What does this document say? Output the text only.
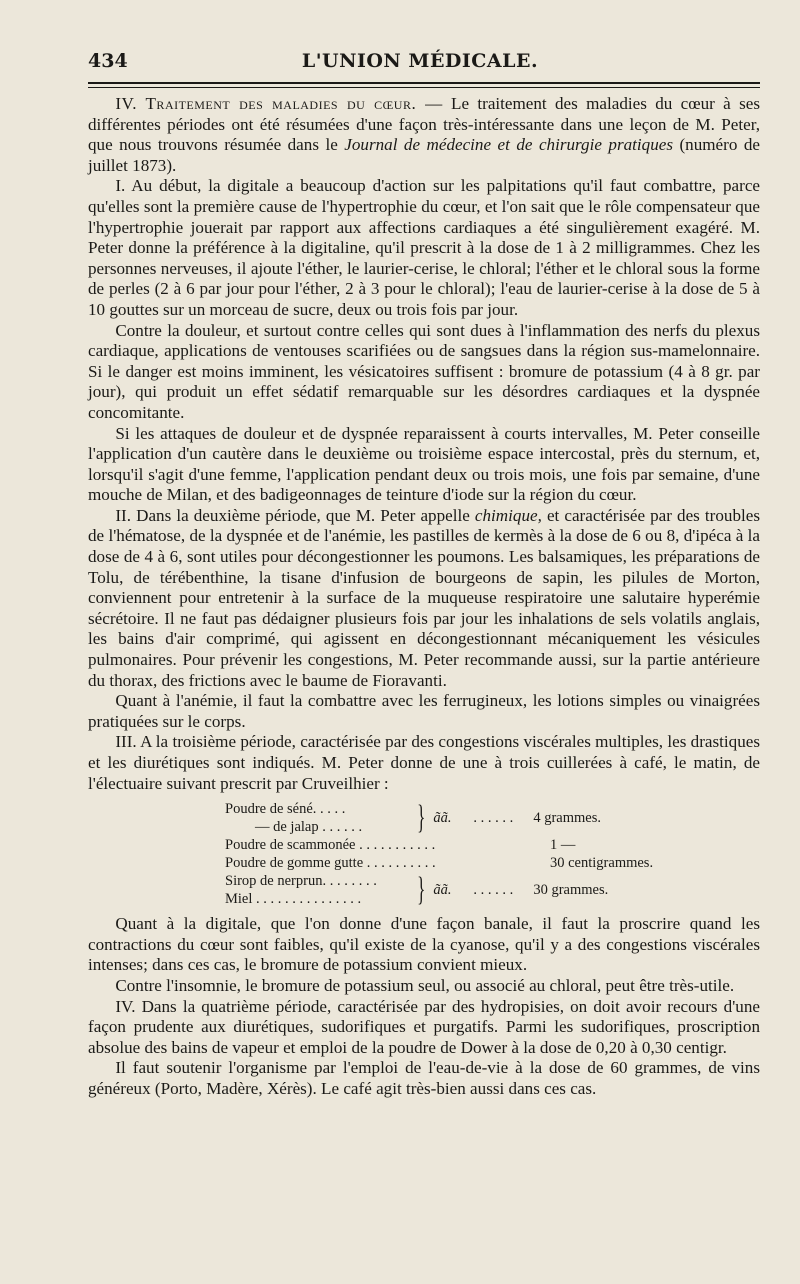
434	L'UNION MÉDICALE.

IV. Traitement des maladies du cœur. — Le traitement des maladies du cœur à ses différentes périodes ont été résumées d'une façon très-intéressante dans une leçon de M. Peter, que nous trouvons résumée dans le Journal de médecine et de chirurgie pratiques (numéro de juillet 1873).

I. Au début, la digitale a beaucoup d'action sur les palpitations qu'il faut combattre, parce qu'elles sont la première cause de l'hypertrophie du cœur, et l'on sait que le rôle compensateur que l'hypertrophie jouerait par rapport aux affections cardiaques a été singulièrement exagéré. M. Peter donne la préférence à la digitaline, qu'il prescrit à la dose de 1 à 2 milligrammes. Chez les personnes nerveuses, il ajoute l'éther, le laurier-cerise, le chloral; l'éther et le chloral sous la forme de perles (2 à 6 par jour pour l'éther, 2 à 3 pour le chloral); l'eau de laurier-cerise à la dose de 5 à 10 gouttes sur un morceau de sucre, deux ou trois fois par jour.

Contre la douleur, et surtout contre celles qui sont dues à l'inflammation des nerfs du plexus cardiaque, applications de ventouses scarifiées ou de sangsues dans la région sus-mamelonnaire. Si le danger est moins imminent, les vésicatoires suffisent : bromure de potassium (4 à 8 gr. par jour), qui produit un effet sédatif remarquable sur les désordres cardiaques et la dyspnée concomitante.

Si les attaques de douleur et de dyspnée reparaissent à courts intervalles, M. Peter conseille l'application d'un cautère dans le deuxième ou troisième espace intercostal, près du sternum, et, lorsqu'il s'agit d'une femme, l'application pendant deux ou trois mois, une fois par semaine, d'une mouche de Milan, et des badigeonnages de teinture d'iode sur la région du cœur.

II. Dans la deuxième période, que M. Peter appelle chimique, et caractérisée par des troubles de l'hématose, de la dyspnée et de l'anémie, les pastilles de kermès à la dose de 6 ou 8, d'ipéca à la dose de 4 à 6, sont utiles pour décongestionner les poumons. Les balsamiques, les préparations de Tolu, de térébenthine, la tisane d'infusion de bourgeons de sapin, les pilules de Morton, conviennent pour entretenir à la surface de la muqueuse respiratoire une salutaire hyperémie sécrétoire. Il ne faut pas dédaigner plusieurs fois par jour les inhalations de sels volatils anglais, les bains d'air comprimé, qui agissent en décongestionnant mécaniquement les vésicules pulmonaires. Pour prévenir les congestions, M. Peter recommande aussi, sur la partie antérieure du thorax, des frictions avec le baume de Fioravanti.

Quant à l'anémie, il faut la combattre avec les ferrugineux, les lotions simples ou vinaigrées pratiquées sur le corps.

III. A la troisième période, caractérisée par des congestions viscérales multiples, les drastiques et les diurétiques sont indiqués. M. Peter donne de une à trois cuillerées à café, le matin, de l'électuaire suivant prescrit par Cruveilhier :

Poudre de séné. . . . .
— de jalap . . . . . .	} ãã.	. . . . . .	4 grammes.
Poudre de scammonée . . . . . . . . . . .	1 —
Poudre de gomme gutte . . . . . . . . . .	30 centigrammes.
Sirop de nerprun. . . . . . . .
Miel . . . . . . . . . . . . . . .	} ãã.	. . . . . .	30 grammes.

Quant à la digitale, que l'on donne d'une façon banale, il faut la proscrire quand les contractions du cœur sont faibles, qu'il existe de la cyanose, qu'il y a des congestions viscérales intenses; dans ces cas, le bromure de potassium convient mieux.

Contre l'insomnie, le bromure de potassium seul, ou associé au chloral, peut être très-utile.

IV. Dans la quatrième période, caractérisée par des hydropisies, on doit avoir recours d'une façon prudente aux diurétiques, sudorifiques et purgatifs. Parmi les sudorifiques, proscription absolue des bains de vapeur et emploi de la poudre de Dower à la dose de 0,20 à 0,30 centigr.

Il faut soutenir l'organisme par l'emploi de l'eau-de-vie à la dose de 60 grammes, de vins généreux (Porto, Madère, Xérès). Le café agit très-bien aussi dans ces cas.
